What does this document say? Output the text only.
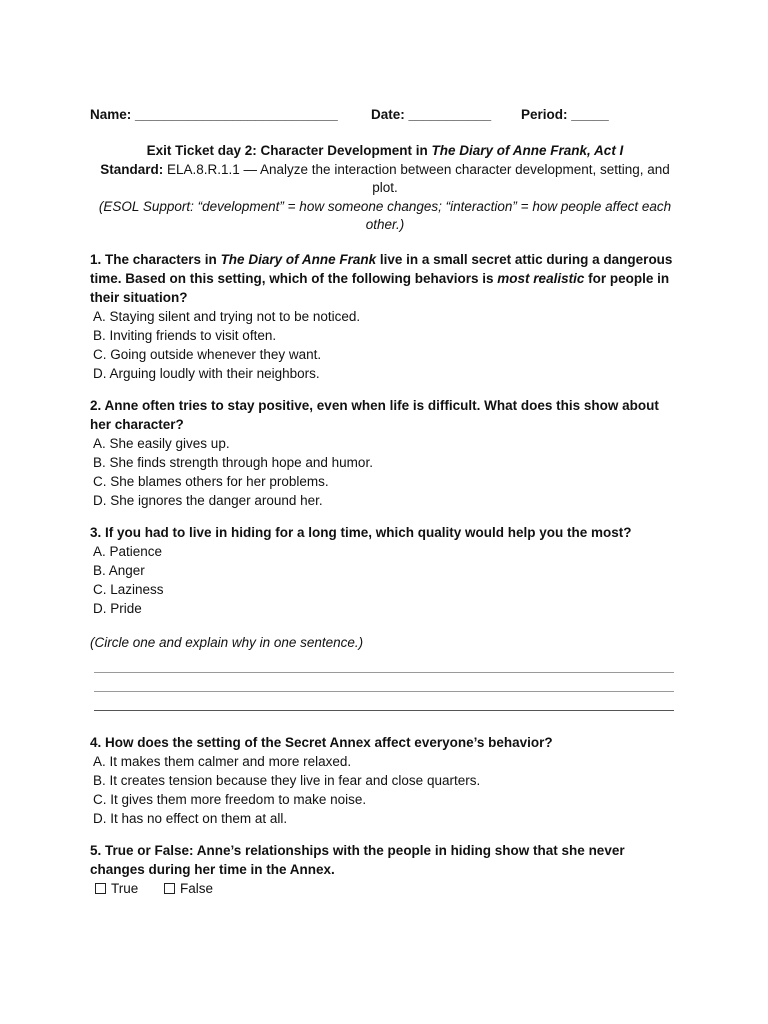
Name: ___________________________ Date: ___________ Period: _____
Exit Ticket day 2: Character Development in The Diary of Anne Frank, Act I
Standard: ELA.8.R.1.1 — Analyze the interaction between character development, setting, and plot.
(ESOL Support: “development” = how someone changes; “interaction” = how people affect each other.)
1. The characters in The Diary of Anne Frank live in a small secret attic during a dangerous time. Based on this setting, which of the following behaviors is most realistic for people in their situation?
A. Staying silent and trying not to be noticed.
B. Inviting friends to visit often.
C. Going outside whenever they want.
D. Arguing loudly with their neighbors.
2. Anne often tries to stay positive, even when life is difficult. What does this show about her character?
A. She easily gives up.
B. She finds strength through hope and humor.
C. She blames others for her problems.
D. She ignores the danger around her.
3. If you had to live in hiding for a long time, which quality would help you the most?
A. Patience
B. Anger
C. Laziness
D. Pride
(Circle one and explain why in one sentence.)
4. How does the setting of the Secret Annex affect everyone’s behavior?
A. It makes them calmer and more relaxed.
B. It creates tension because they live in fear and close quarters.
C. It gives them more freedom to make noise.
D. It has no effect on them at all.
5. True or False: Anne’s relationships with the people in hiding show that she never changes during her time in the Annex.
True	False
